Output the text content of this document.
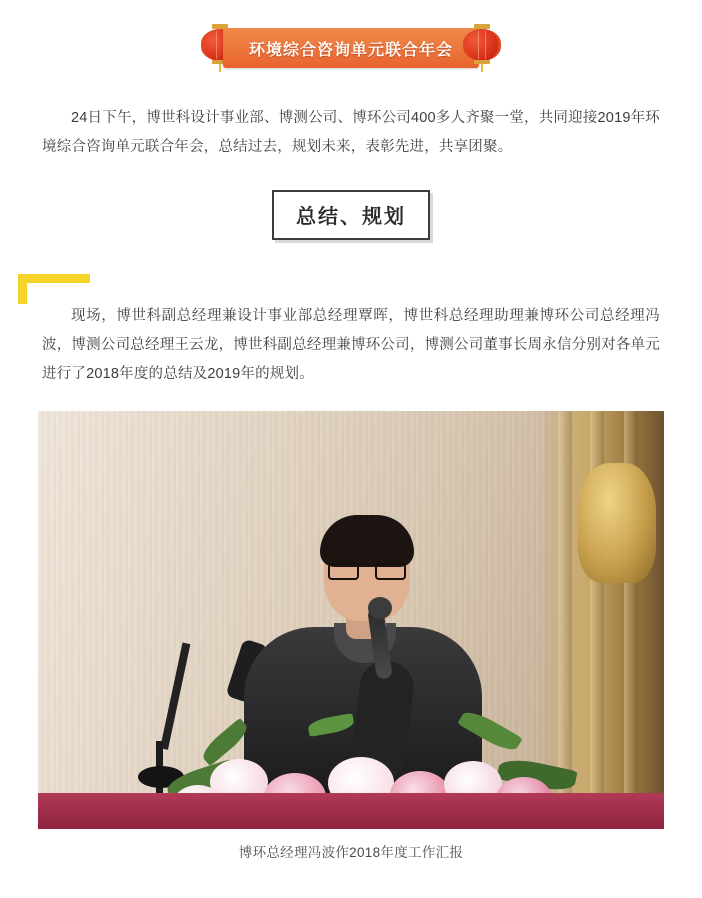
环境综合咨询单元联合年会

24日下午，博世科设计事业部、博测公司、博环公司400多人齐聚一堂，共同迎接2019年环境综合咨询单元联合年会，总结过去，规划未来，表彰先进，共享团聚。

总结、规划

现场，博世科副总经理兼设计事业部总经理覃晖，博世科总经理助理兼博环公司总经理冯波，博测公司总经理王云龙，博世科副总经理兼博环公司，博测公司董事长周永信分别对各单元进行了2018年度的总结及2019年的规划。

博环总经理冯波作2018年度工作汇报
